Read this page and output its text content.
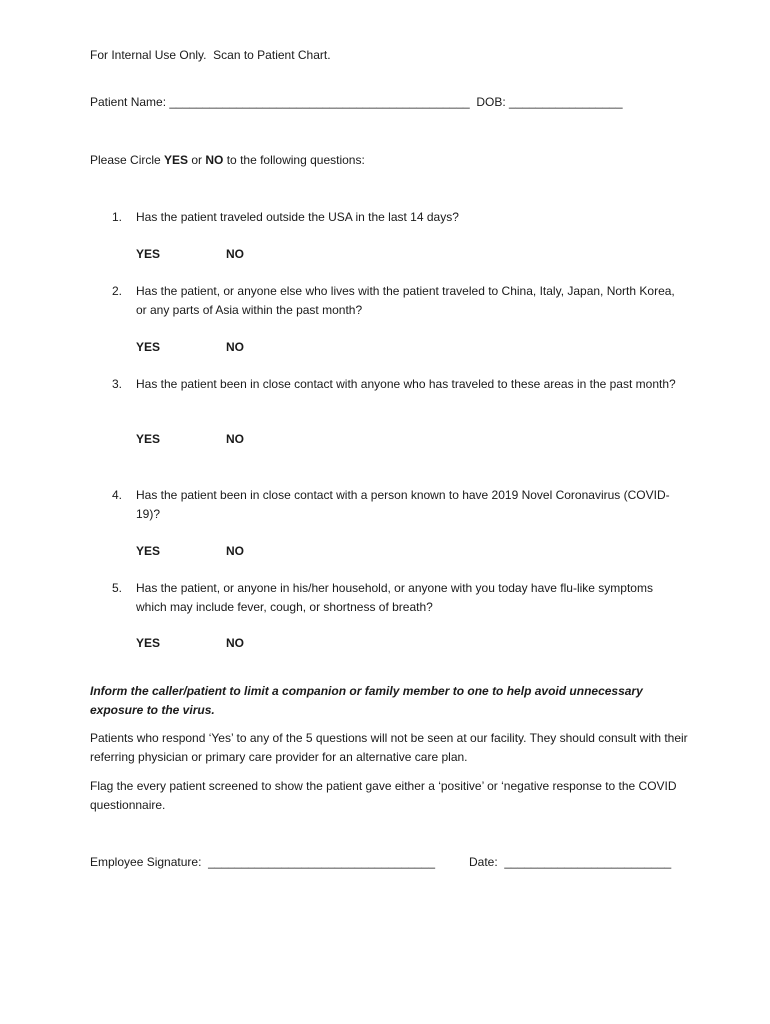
For Internal Use Only.  Scan to Patient Chart.
Patient Name: _____________________________________________  DOB: _________________
Please Circle YES or NO to the following questions:
1. Has the patient traveled outside the USA in the last 14 days?
YES	NO
2. Has the patient, or anyone else who lives with the patient traveled to China, Italy, Japan, North Korea, or any parts of Asia within the past month?
YES	NO
3. Has the patient been in close contact with anyone who has traveled to these areas in the past month?
YES	NO
4. Has the patient been in close contact with a person known to have 2019 Novel Coronavirus (COVID-19)?
YES	NO
5. Has the patient, or anyone in his/her household, or anyone with you today have flu-like symptoms which may include fever, cough, or shortness of breath?
YES	NO
Inform the caller/patient to limit a companion or family member to one to help avoid unnecessary exposure to the virus.
Patients who respond ‘Yes’ to any of the 5 questions will not be seen at our facility. They should consult with their referring physician or primary care provider for an alternative care plan.
Flag the every patient screened to show the patient gave either a ‘positive’ or ‘negative response to the COVID questionnaire.
Employee Signature:  __________________________________	Date:  _________________________
